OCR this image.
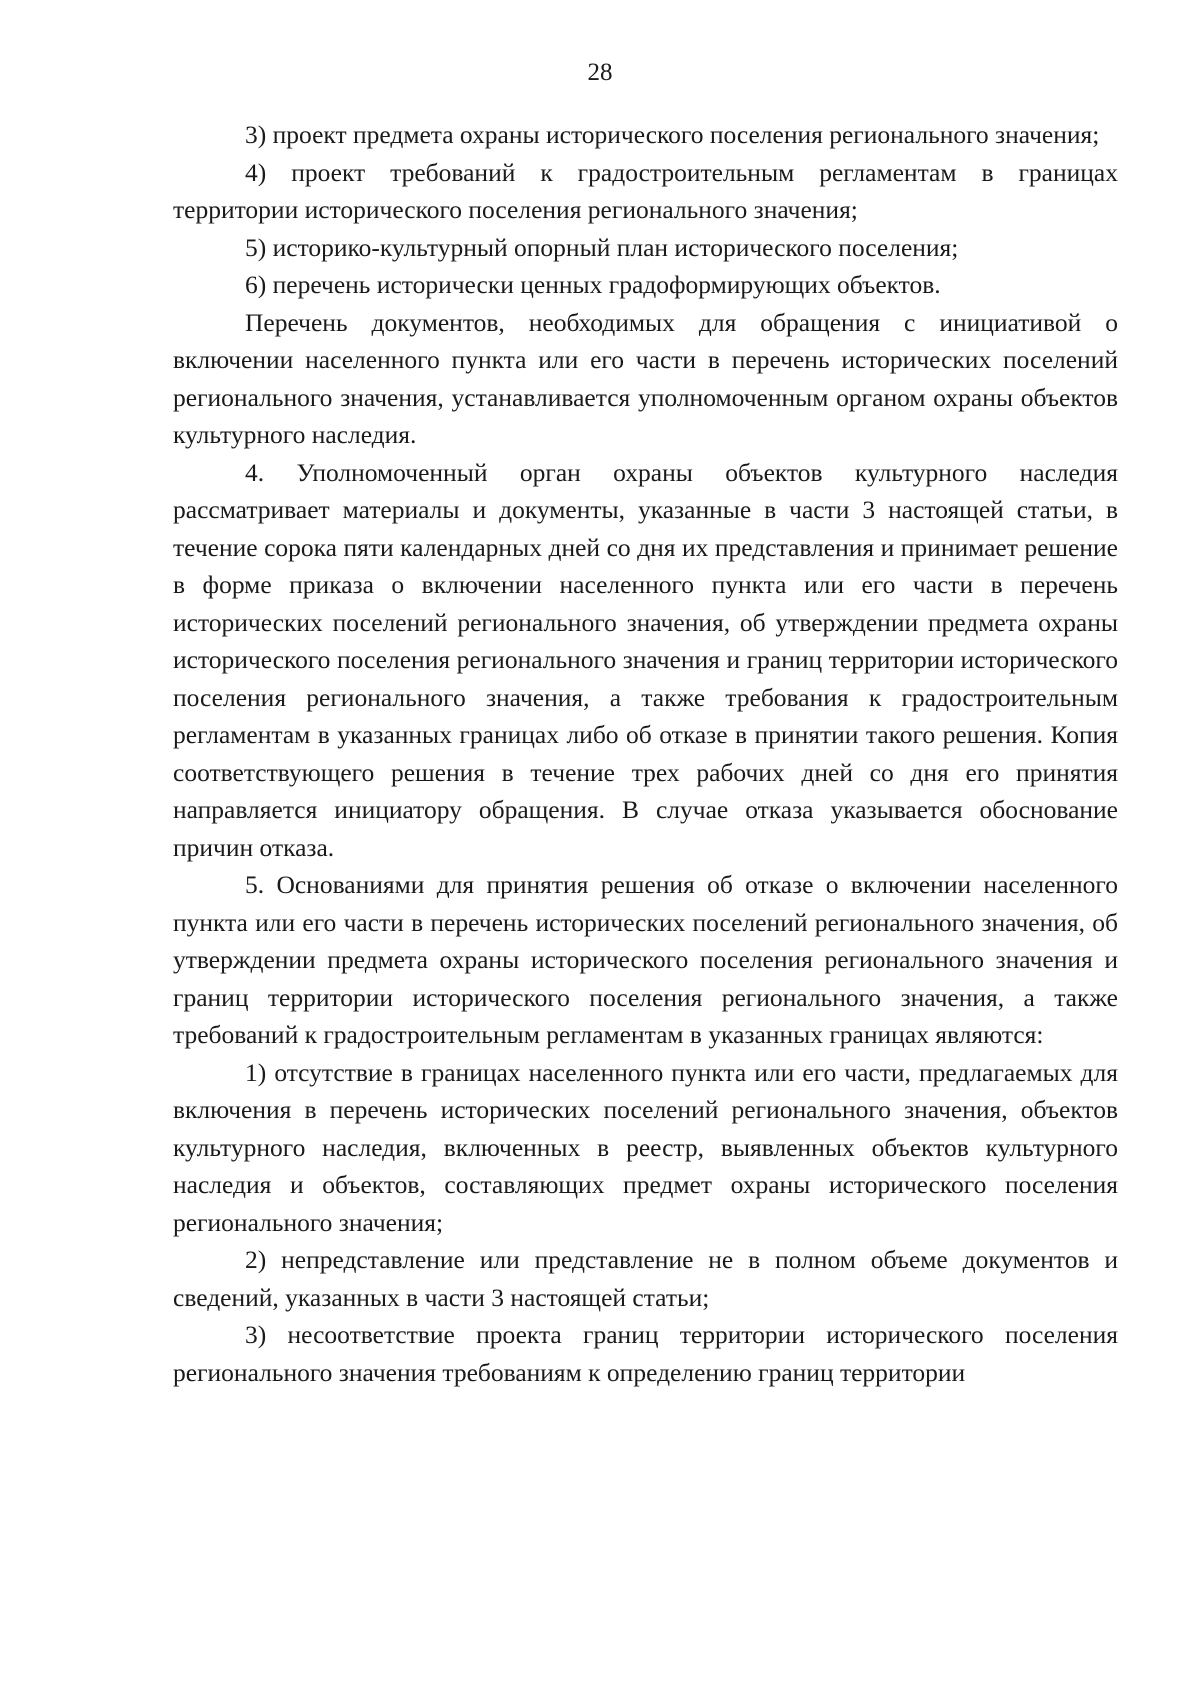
28

3) проект предмета охраны исторического поселения регионального значения;

4) проект требований к градостроительным регламентам в границах территории исторического поселения регионального значения;

5) историко-культурный опорный план исторического поселения;

6) перечень исторически ценных градоформирующих объектов.

Перечень документов, необходимых для обращения с инициативой о включении населенного пункта или его части в перечень исторических поселений регионального значения, устанавливается уполномоченным органом охраны объектов культурного наследия.

4. Уполномоченный орган охраны объектов культурного наследия рассматривает материалы и документы, указанные в части 3 настоящей статьи, в течение сорока пяти календарных дней со дня их представления и принимает решение в форме приказа о включении населенного пункта или его части в перечень исторических поселений регионального значения, об утверждении предмета охраны исторического поселения регионального значения и границ территории исторического поселения регионального значения, а также требования к градостроительным регламентам в указанных границах либо об отказе в принятии такого решения. Копия соответствующего решения в течение трех рабочих дней со дня его принятия направляется инициатору обращения. В случае отказа указывается обоснование причин отказа.

5. Основаниями для принятия решения об отказе о включении населенного пункта или его части в перечень исторических поселений регионального значения, об утверждении предмета охраны исторического поселения регионального значения и границ территории исторического поселения регионального значения, а также требований к градостроительным регламентам в указанных границах являются:

1) отсутствие в границах населенного пункта или его части, предлагаемых для включения в перечень исторических поселений регионального значения, объектов культурного наследия, включенных в реестр, выявленных объектов культурного наследия и объектов, составляющих предмет охраны исторического поселения регионального значения;

2) непредставление или представление не в полном объеме документов и сведений, указанных в части 3 настоящей статьи;

3) несоответствие проекта границ территории исторического поселения регионального значения требованиям к определению границ территории
